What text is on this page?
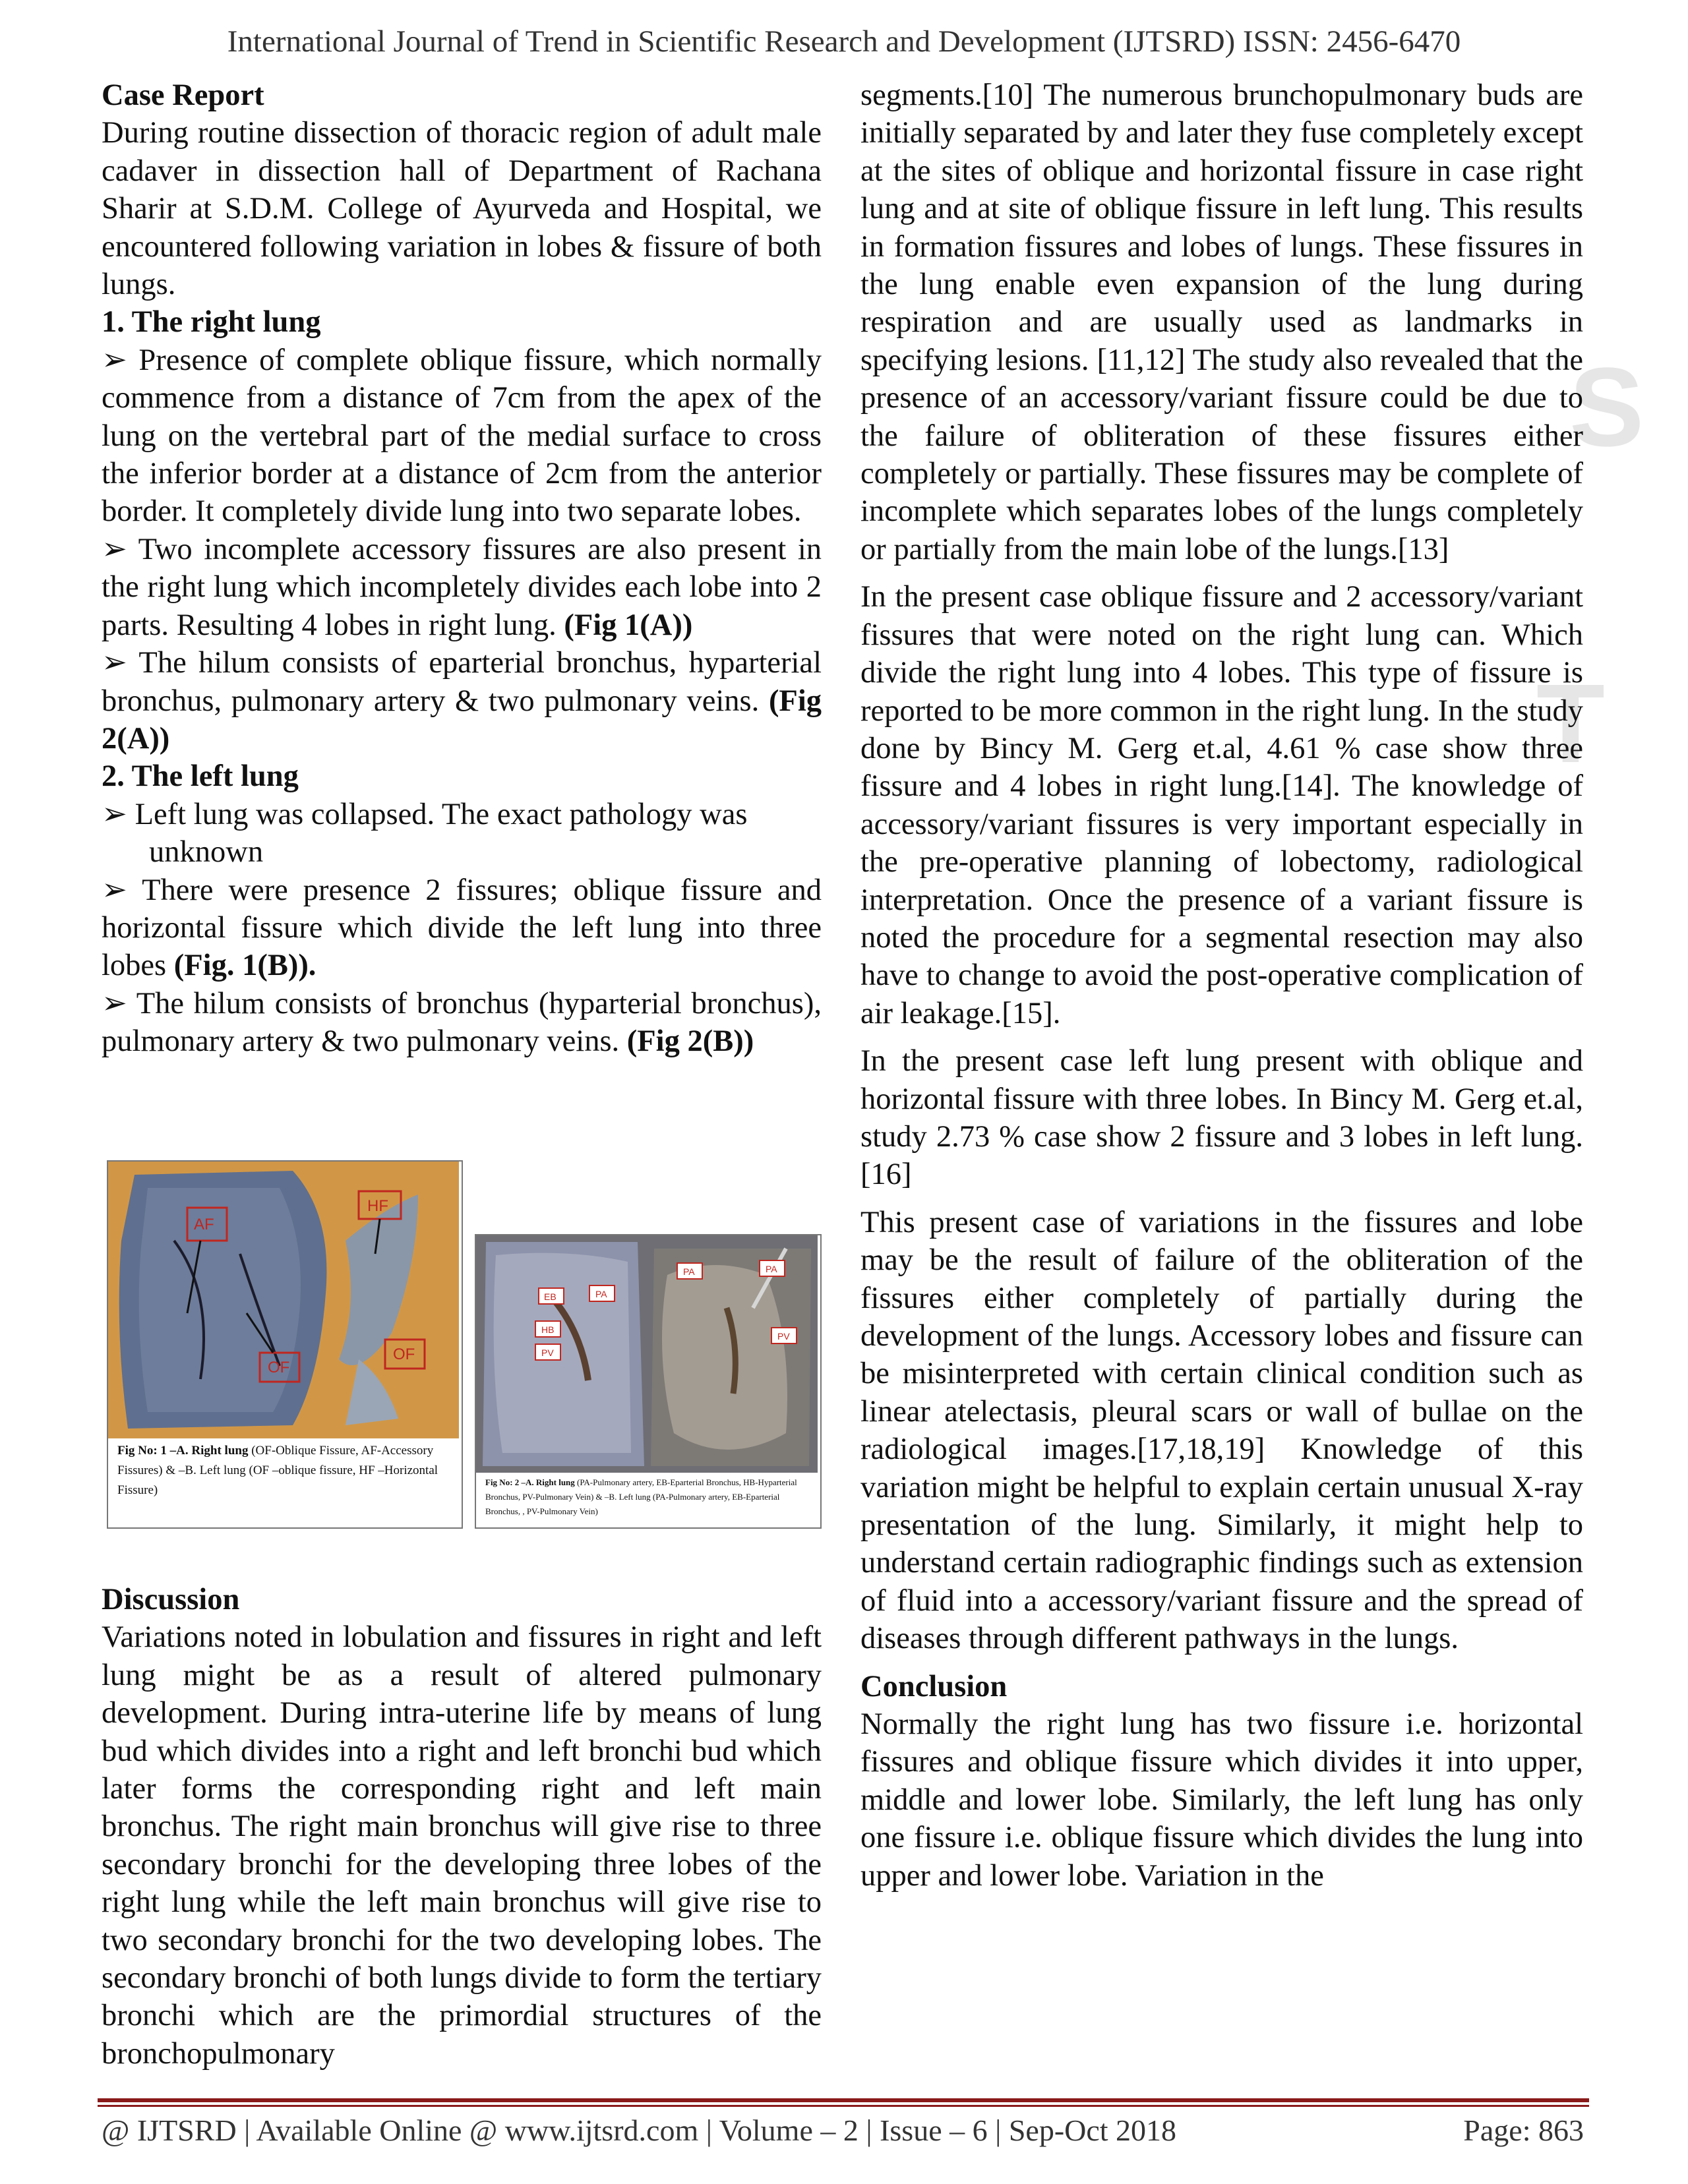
S
T
International Journal of Trend in Scientific Research and Development (IJTSRD) ISSN: 2456-6470

Case Report

During routine dissection of thoracic region of adult male cadaver in dissection hall of Department of Rachana Sharir at S.D.M. College of Ayurveda and Hospital, we encountered following variation in lobes & fissure of both lungs.

1. The right lung

➢ Presence of complete oblique fissure, which normally commence from a distance of 7cm from the apex of the lung on the vertebral part of the medial surface to cross the inferior border at a distance of 2cm from the anterior border. It completely divide lung into two separate lobes.

➢ Two incomplete accessory fissures are also present in the right lung which incompletely divides each lobe into 2 parts. Resulting 4 lobes in right lung. (Fig 1(A))

➢ The hilum consists of eparterial bronchus, hyparterial bronchus, pulmonary artery & two pulmonary veins. (Fig 2(A))

2. The left lung

➢ Left lung was collapsed. The exact pathology was

unknown

➢ There were presence 2 fissures; oblique fissure and horizontal fissure which divide the left lung into three lobes (Fig. 1(B)).

➢ The hilum consists of bronchus (hyparterial bronchus), pulmonary artery & two pulmonary veins. (Fig 2(B))

AF
HF
OF
OF
Fig No: 1 –A. Right lung (OF-Oblique Fissure, AF-Accessory Fissures) & –B. Left lung (OF –oblique fissure, HF –Horizontal Fissure)
EB	PA
HB
PV
PA	PA
PV
Fig No: 2 –A. Right lung (PA-Pulmonary artery, EB-Eparterial Bronchus, HB-Hyparterial Bronchus, PV-Pulmonary Vein) & –B. Left lung (PA-Pulmonary artery, EB-Eparterial Bronchus, , PV-Pulmonary Vein)

Discussion

Variations noted in lobulation and fissures in right and left lung might be as a result of altered pulmonary development. During intra-uterine life by means of lung bud which divides into a right and left bronchi bud which later forms the corresponding right and left main bronchus. The right main bronchus will give rise to three secondary bronchi for the developing three lobes of the right lung while the left main bronchus will give rise to two secondary bronchi for the two developing lobes. The secondary bronchi of both lungs divide to form the tertiary bronchi which are the primordial structures of the bronchopulmonary

segments.[10] The numerous brunchopulmonary buds are initially separated by and later they fuse completely except at the sites of oblique and horizontal fissure in case right lung and at site of oblique fissure in left lung. This results in formation fissures and lobes of lungs. These fissures in the lung enable even expansion of the lung during respiration and are usually used as landmarks in specifying lesions. [11,12] The study also revealed that the presence of an accessory/variant fissure could be due to the failure of obliteration of these fissures either completely or partially. These fissures may be complete of incomplete which separates lobes of the lungs completely or partially from the main lobe of the lungs.[13]

In the present case oblique fissure and 2 accessory/variant fissures that were noted on the right lung can. Which divide the right lung into 4 lobes. This type of fissure is reported to be more common in the right lung. In the study done by Bincy M. Gerg et.al, 4.61 % case show three fissure and 4 lobes in right lung.[14]. The knowledge of accessory/variant fissures is very important especially in the pre-operative planning of lobectomy, radiological interpretation. Once the presence of a variant fissure is noted the procedure for a segmental resection may also have to change to avoid the post-operative complication of air leakage.[15].

In the present case left lung present with oblique and horizontal fissure with three lobes. In Bincy M. Gerg et.al, study 2.73 % case show 2 fissure and 3 lobes in left lung.[16]

This present case of variations in the fissures and lobe may be the result of failure of the obliteration of the fissures either completely of partially during the development of the lungs. Accessory lobes and fissure can be misinterpreted with certain clinical condition such as linear atelectasis, pleural scars or wall of bullae on the radiological images.[17,18,19] Knowledge of this variation might be helpful to explain certain unusual X-ray presentation of the lung. Similarly, it might help to understand certain radiographic findings such as extension of fluid into a accessory/variant fissure and the spread of diseases through different pathways in the lungs.

Conclusion

Normally the right lung has two fissure i.e. horizontal fissures and oblique fissure which divides it into upper, middle and lower lobe. Similarly, the left lung has only one fissure i.e. oblique fissure which divides the lung into upper and lower lobe. Variation in the

@ IJTSRD | Available Online @ www.ijtsrd.com | Volume – 2 | Issue – 6 | Sep-Oct 2018	Page: 863
